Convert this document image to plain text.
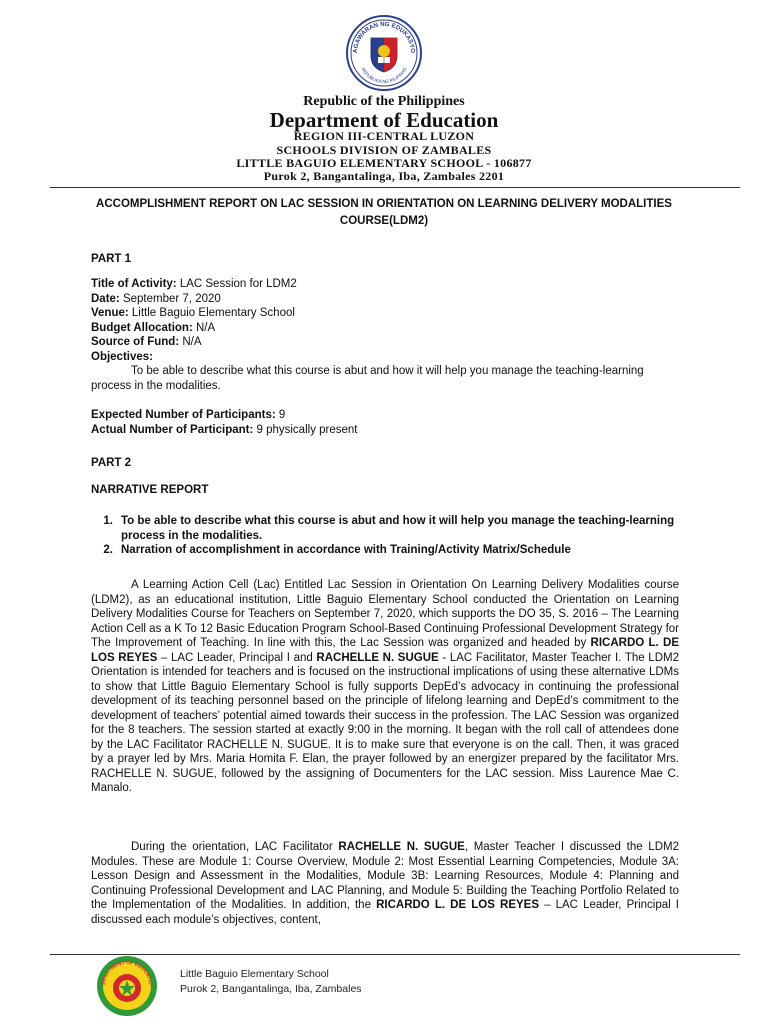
AGAWARAN NG EDUKASYO
REPUBLIKA NG PILIPINAS
Republic of the Philippines
Department of Education
REGION III-CENTRAL LUZON
SCHOOLS DIVISION OF ZAMBALES
LITTLE BAGUIO ELEMENTARY SCHOOL - 106877
Purok 2, Bangantalinga, Iba, Zambales 2201
ACCOMPLISHMENT REPORT ON LAC SESSION IN ORIENTATION ON LEARNING DELIVERY MODALITIES COURSE(LDM2)
PART 1
Title of Activity: LAC Session for LDM2
Date: September 7, 2020
Venue: Little Baguio Elementary School
Budget Allocation: N/A
Source of Fund: N/A
Objectives:
To be able to describe what this course is abut and how it will help you manage the teaching-learning process in the modalities.
Expected Number of Participants: 9
Actual Number of Participant: 9 physically present
PART 2
NARRATIVE REPORT
1. To be able to describe what this course is abut and how it will help you manage the teaching-learning process in the modalities.
2. Narration of accomplishment in accordance with Training/Activity Matrix/Schedule
A Learning Action Cell (Lac) Entitled Lac Session in Orientation On Learning Delivery Modalities course (LDM2), as an educational institution, Little Baguio Elementary School conducted the Orientation on Learning Delivery Modalities Course for Teachers on September 7, 2020, which supports the DO 35, S. 2016 – The Learning Action Cell as a K To 12 Basic Education Program School-Based Continuing Professional Development Strategy for The Improvement of Teaching. In line with this, the Lac Session was organized and headed by RICARDO L. DE LOS REYES – LAC Leader, Principal I and RACHELLE N. SUGUE - LAC Facilitator, Master Teacher I. The LDM2 Orientation is intended for teachers and is focused on the instructional implications of using these alternative LDMs to show that Little Baguio Elementary School is fully supports DepEd’s advocacy in continuing the professional development of its teaching personnel based on the principle of lifelong learning and DepEd’s commitment to the development of teachers’ potential aimed towards their success in the profession. The LAC Session was organized for the 8 teachers. The session started at exactly 9:00 in the morning. It began with the roll call of attendees done by the LAC Facilitator RACHELLE N. SUGUE. It is to make sure that everyone is on the call. Then, it was graced by a prayer led by Mrs. Maria Homita F. Elan, the prayer followed by an energizer prepared by the facilitator Mrs. RACHELLE N. SUGUE, followed by the assigning of Documenters for the LAC session. Miss Laurence Mae C. Manalo.
During the orientation, LAC Facilitator RACHELLE N. SUGUE, Master Teacher I discussed the LDM2 Modules. These are Module 1: Course Overview, Module 2: Most Essential Learning Competencies, Module 3A: Lesson Design and Assessment in the Modalities, Module 3B: Learning Resources, Module 4: Planning and Continuing Professional Development and LAC Planning, and Module 5: Building the Teaching Portfolio Related to the Implementation of the Modalities. In addition, the RICARDO L. DE LOS REYES – LAC Leader, Principal I discussed each module’s objectives, content,
EPARTMENT OF EDUCATIO
Little Baguio Elementary School
Purok 2, Bangantalinga, Iba, Zambales
